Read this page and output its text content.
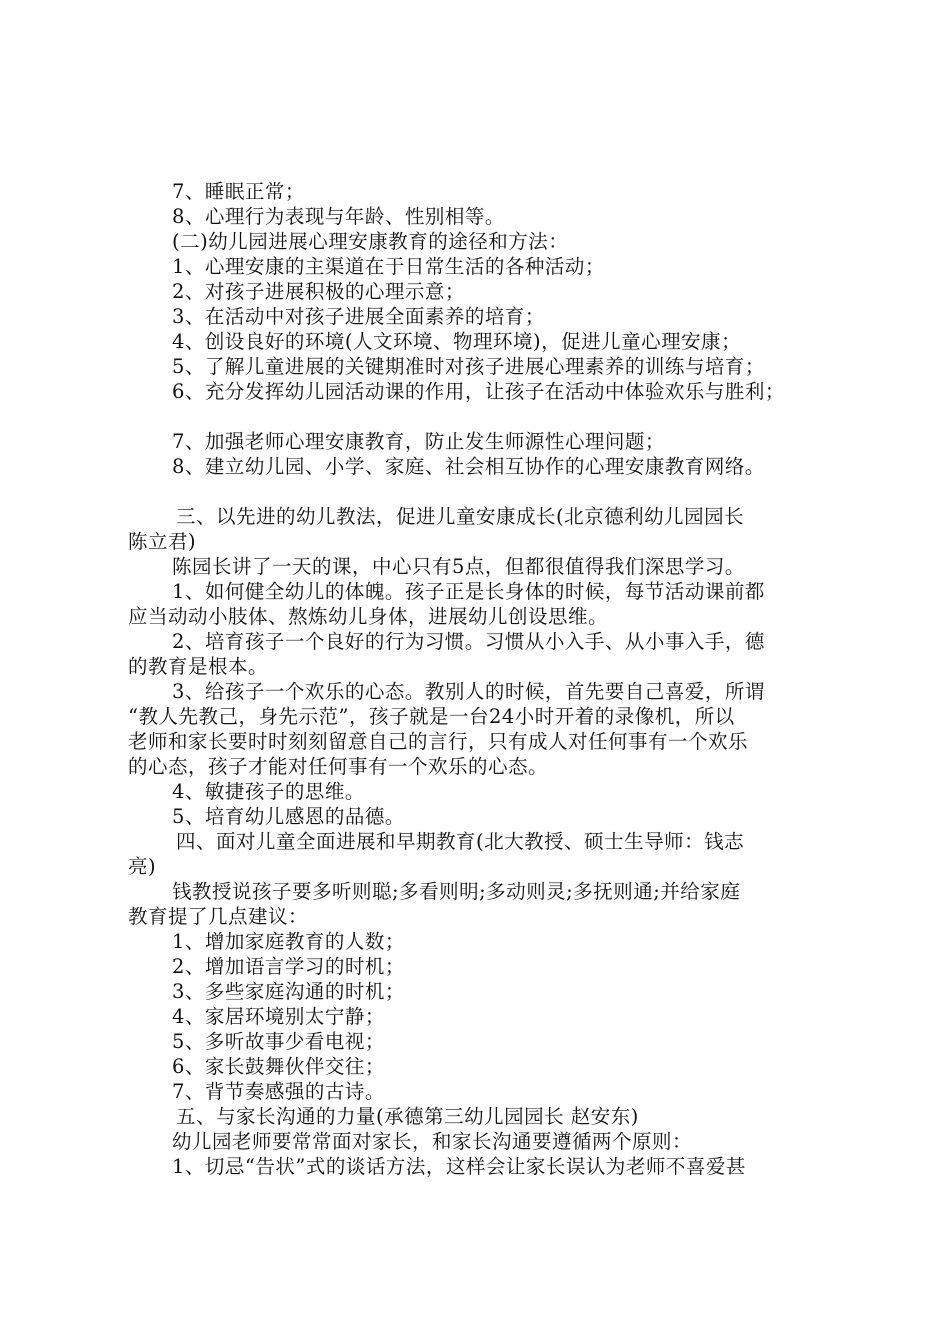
7、睡眠正常；
8、心理行为表现与年龄、性别相等。
(二)幼儿园进展心理安康教育的途径和方法：
1、心理安康的主渠道在于日常生活的各种活动；
2、对孩子进展积极的心理示意；
3、在活动中对孩子进展全面素养的培育；
4、创设良好的环境(人文环境、物理环境)，促进儿童心理安康；
5、了解儿童进展的关键期准时对孩子进展心理素养的训练与培育；
6、充分发挥幼儿园活动课的作用，让孩子在活动中体验欢乐与胜利；
7、加强老师心理安康教育，防止发生师源性心理问题；
8、建立幼儿园、小学、家庭、社会相互协作的心理安康教育网络。
三、以先进的幼儿教法，促进儿童安康成长(北京德利幼儿园园长
陈立君)
陈园长讲了一天的课，中心只有5点，但都很值得我们深思学习。
1、如何健全幼儿的体魄。孩子正是长身体的时候，每节活动课前都
应当动动小肢体、熬炼幼儿身体，进展幼儿创设思维。
2、培育孩子一个良好的行为习惯。习惯从小入手、从小事入手，德
的教育是根本。
3、给孩子一个欢乐的心态。教别人的时候，首先要自己喜爱，所谓
“教人先教己，身先示范”，孩子就是一台24小时开着的录像机，所以
老师和家长要时时刻刻留意自己的言行，只有成人对任何事有一个欢乐
的心态，孩子才能对任何事有一个欢乐的心态。
4、敏捷孩子的思维。
5、培育幼儿感恩的品德。
四、面对儿童全面进展和早期教育(北大教授、硕士生导师：钱志
亮)
钱教授说孩子要多听则聪;多看则明;多动则灵;多抚则通;并给家庭
教育提了几点建议：
1、增加家庭教育的人数；
2、增加语言学习的时机；
3、多些家庭沟通的时机；
4、家居环境别太宁静；
5、多听故事少看电视；
6、家长鼓舞伙伴交往；
7、背节奏感强的古诗。
五、与家长沟通的力量(承德第三幼儿园园长 赵安东)
幼儿园老师要常常面对家长，和家长沟通要遵循两个原则：
1、切忌“告状”式的谈话方法，这样会让家长误认为老师不喜爱甚
